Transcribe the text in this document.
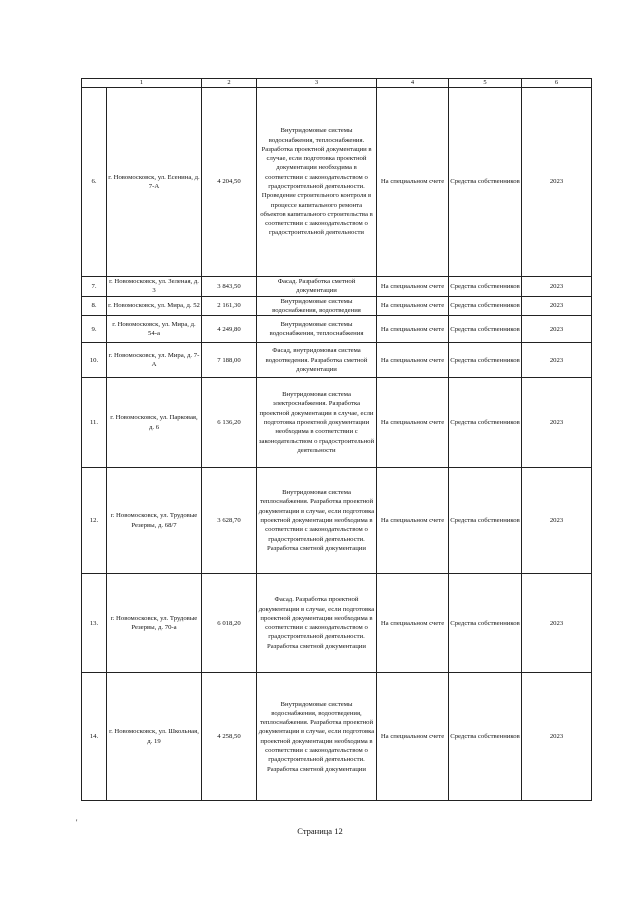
1		2	3	4	5	6
6.	г. Новомосковск, ул. Есенина, д. 7-А	4 204,50	Внутридомовые системы водоснабжения, теплоснабжения. Разработка проектной документации в случае, если подготовка проектной документации необходима в соответствии с законодательством о градостроительной деятельности. Проведение строительного контроля в процессе капитального ремонта объектов капитального строительства в соответствии с законодательством о градостроительной деятельности	На специальном счете	Средства собственников	2023
7.	г. Новомосковск, ул. Зеленая, д. 3	3 843,50	Фасад. Разработка сметной документации	На специальном счете	Средства собственников	2023
8.	г. Новомосковск, ул. Мира, д. 52	2 161,30	Внутридомовые системы водоснабжения, водоотведения	На специальном счете	Средства собственников	2023
9.	г. Новомосковск, ул. Мира, д. 54-а	4 249,80	Внутридомовые системы водоснабжения, теплоснабжения	На специальном счете	Средства собственников	2023
10.	г. Новомосковск, ул. Мира, д. 7-А	7 188,00	Фасад, внутридомовая система водоотведения. Разработка сметной документации	На специальном счете	Средства собственников	2023
11.	г. Новомосковск, ул. Парковая, д. 6	6 136,20	Внутридомовая система электроснабжения. Разработка проектной документации в случае, если подготовка проектной документации необходима в соответствии с законодательством о градостроительной деятельности	На специальном счете	Средства собственников	2023
12.	г. Новомосковск, ул. Трудовые Резервы, д. 68/7	3 628,70	Внутридомовая система теплоснабжения. Разработка проектной документации в случае, если подготовка проектной документации необходима в соответствии с законодательством о градостроительной деятельности. Разработка сметной документации	На специальном счете	Средства собственников	2023
13.	г. Новомосковск, ул. Трудовые Резервы, д. 70-а	6 018,20	Фасад. Разработка проектной документации в случае, если подготовка проектной документации необходима в соответствии с законодательством о градостроительной деятельности. Разработка сметной документации	На специальном счете	Средства собственников	2023
14.	г. Новомосковск, ул. Школьная, д. 19	4 258,50	Внутридомовые системы водоснабжения, водоотведения, теплоснабжения. Разработка проектной документации в случае, если подготовка проектной документации необходима в соответствии с законодательством о градостроительной деятельности. Разработка сметной документации	На специальном счете	Средства собственников	2023
'
Страница 12
